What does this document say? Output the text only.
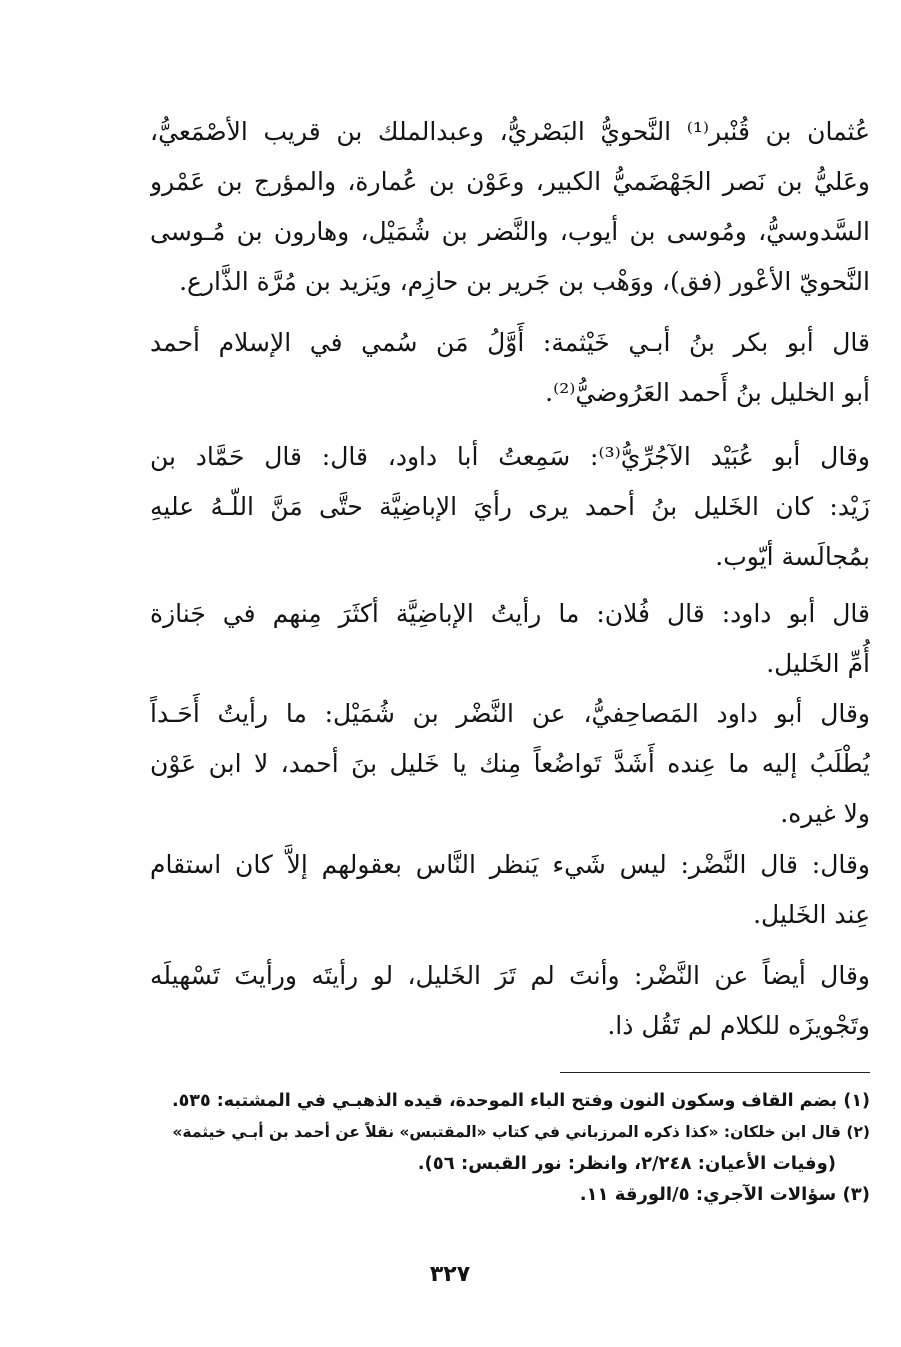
عُثمان بن قُنْبر⁽¹⁾ النَّحويُّ البَصْريُّ، وعبدالملك بن قريب الأصْمَعيُّ،
وعَليُّ بن نَصر الجَهْضَميُّ الكبير، وعَوْن بن عُمارة، والمؤرج بن عَمْرو
السَّدوسيُّ، ومُوسى بن أيوب، والنَّضر بن شُمَيْل، وهارون بن مُـوسى
النَّحويّ الأعْور (فق)، ووَهْب بن جَرير بن حازِم، ويَزيد بن مُرَّة الذَّارع.
قال أبو بكر بنُ أبـي خَيْثمة: أَوَّلُ مَن سُمي في الإسلام أحمد
أبو الخليل بنُ أَحمد العَرُوضيُّ⁽²⁾.
وقال أبو عُبَيْد الآجُرِّيُّ⁽³⁾: سَمِعتُ أبا داود، قال: قال حَمَّاد بن
زَيْد: كان الخَليل بنُ أحمد يرى رأيَ الإباضِيَّة حتَّى مَنَّ اللّـهُ عليهِ
بمُجالَسة أيّوب.
قال أبو داود: قال فُلان: ما رأيتُ الإباضِيَّة أكثَرَ مِنهم في جَنازة
أُمِّ الخَليل.
وقال أبو داود المَصاحِفيُّ، عن النَّضْر بن شُمَيْل: ما رأيتُ أَحَـداً
يُطْلَبُ إليه ما عِنده أَشَدَّ تَواضُعاً مِنك يا خَليل بنَ أحمد، لا ابن عَوْن
ولا غيره.
وقال: قال النَّضْر: ليس شَيء يَنظر النَّاس بعقولهم إلاَّ كان استقام
عِند الخَليل.
وقال أيضاً عن النَّضْر: وأنتَ لم تَرَ الخَليل، لو رأيتَه ورأيتَ تَسْهيلَه
وتَجْويزَه للكلام لم تَقُل ذا.
(١) بضم القاف وسكون النون وفتح الباء الموحدة، قيده الذهبـي في المشتبه: ٥٣٥.
(٢) قال ابن خلكان: «كذا ذكره المرزباني في كتاب «المقتبس» نقلاً عن أحمد بن أبـي خيثمة»
(وفيات الأعيان: ٢/٢٤٨، وانظر: نور القبس: ٥٦).
(٣) سؤالات الآجري: ٥/الورقة ١١.
٣٢٧
